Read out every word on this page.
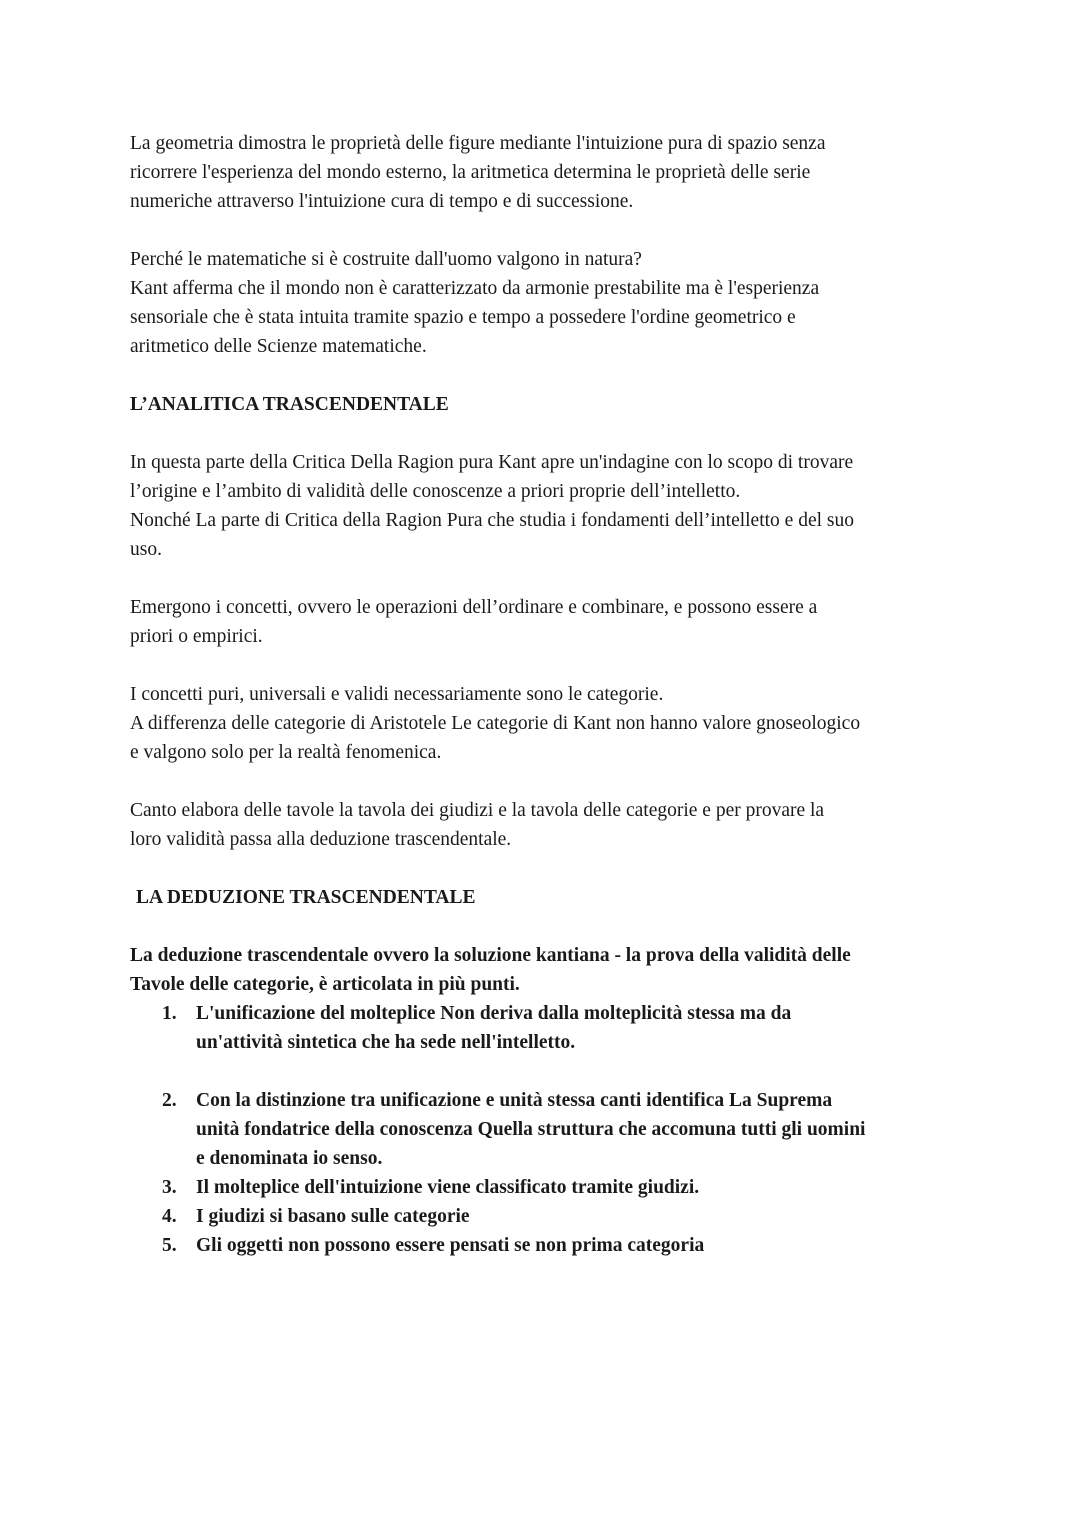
La geometria dimostra le proprietà delle figure mediante l'intuizione pura di spazio senza
ricorrere l'esperienza del mondo esterno, la aritmetica determina le proprietà delle serie
numeriche attraverso l'intuizione cura di tempo e di successione.

Perché le matematiche si è costruite dall'uomo valgono in natura?
Kant afferma che il mondo non è caratterizzato da armonie prestabilite ma è l'esperienza
sensoriale che è stata intuita tramite spazio e tempo a possedere l'ordine geometrico e
aritmetico delle Scienze matematiche.

L’ANALITICA TRASCENDENTALE

In questa parte della Critica Della Ragion pura Kant apre un'indagine con lo scopo di trovare
l’origine e l’ambito di validità delle conoscenze a priori proprie dell’intelletto.
Nonché La parte di Critica della Ragion Pura che studia i fondamenti dell’intelletto e del suo
uso.

Emergono i concetti, ovvero le operazioni dell’ordinare e combinare, e possono essere a
priori o empirici.

I concetti puri, universali e validi necessariamente sono le categorie.
A differenza delle categorie di Aristotele Le categorie di Kant non hanno valore gnoseologico
e valgono solo per la realtà fenomenica.

Canto elabora delle tavole la tavola dei giudizi e la tavola delle categorie e per provare la
loro validità passa alla deduzione trascendentale.

LA DEDUZIONE TRASCENDENTALE

La deduzione trascendentale ovvero la soluzione kantiana - la prova della validità delle
Tavole delle categorie, è articolata in più punti.

1. L'unificazione del molteplice Non deriva dalla molteplicità stessa ma da
un'attività sintetica che ha sede nell'intelletto.
2. Con la distinzione tra unificazione e unità stessa canti identifica La Suprema
unità fondatrice della conoscenza Quella struttura che accomuna tutti gli uomini
e denominata io senso.
3. Il molteplice dell'intuizione viene classificato tramite giudizi.
4. I giudizi si basano sulle categorie
5. Gli oggetti non possono essere pensati se non prima categoria
